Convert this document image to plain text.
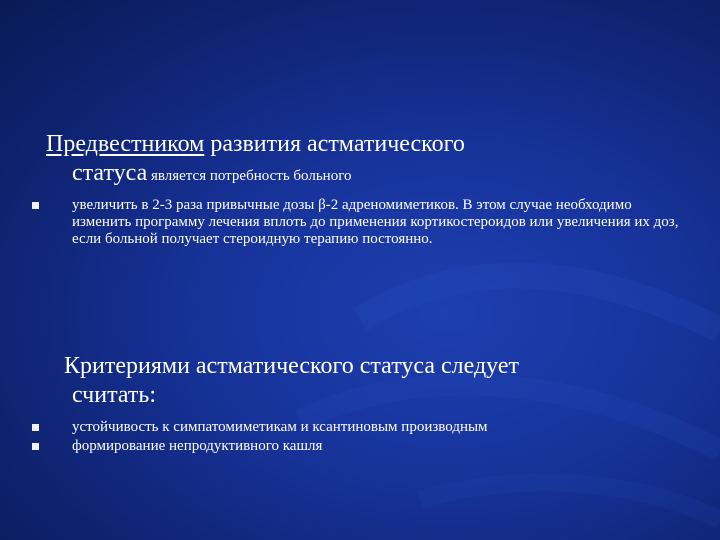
Предвестником развития астматического
статуса является потребность больного
увеличить в 2-3 раза привычные дозы β-2 адреномиметиков. В этом случае необходимо изменить программу лечения вплоть до применения кортикостероидов или увеличения их доз, если больной получает стероидную терапию постоянно.
Критериями астматического статуса следует
считать:
устойчивость к симпатомиметикам и ксантиновым производным
формирование непродуктивного кашля
